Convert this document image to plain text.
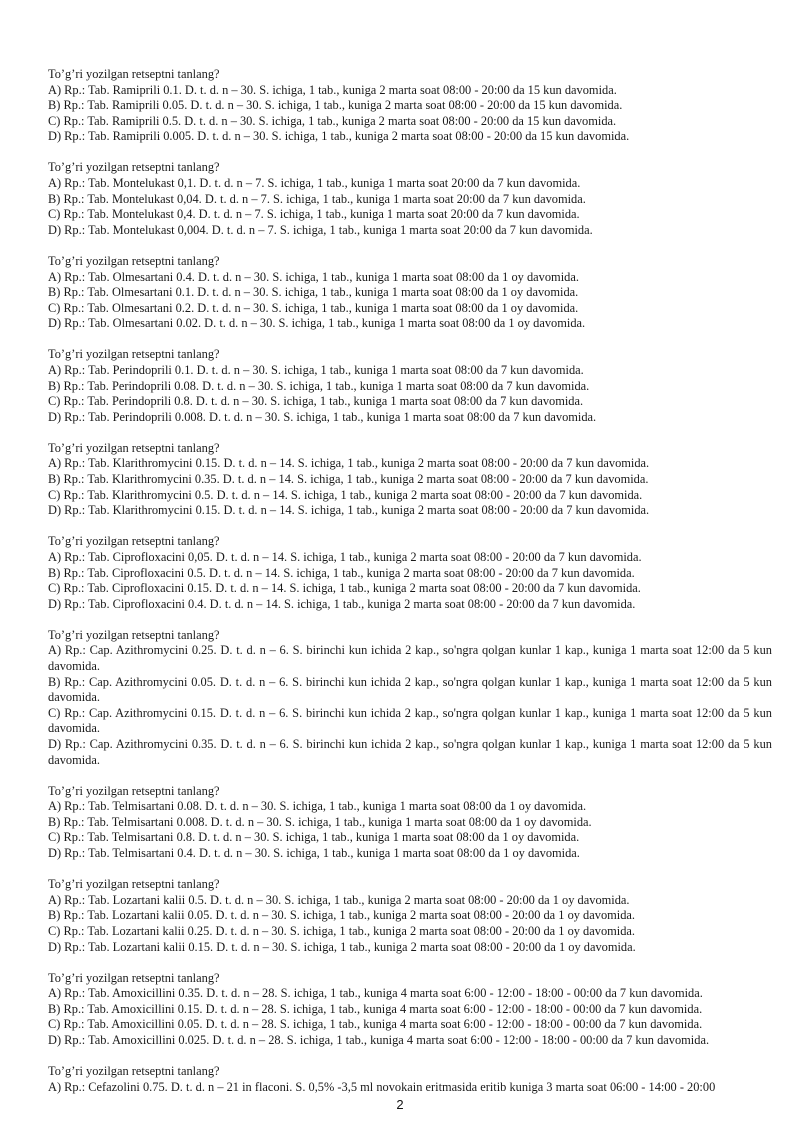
To’g’ri yozilgan retseptni tanlang?
A) Rp.: Tab. Ramiprili 0.1. D. t. d. n – 30. S. ichiga, 1 tab., kuniga 2 marta soat 08:00 - 20:00 da 15 kun davomida.
B) Rp.: Tab. Ramiprili 0.05. D. t. d. n – 30. S. ichiga, 1 tab., kuniga 2 marta soat 08:00 - 20:00 da 15 kun davomida.
C) Rp.: Tab. Ramiprili 0.5. D. t. d. n – 30. S. ichiga, 1 tab., kuniga 2 marta soat 08:00 - 20:00 da 15 kun davomida.
D) Rp.: Tab. Ramiprili 0.005. D. t. d. n – 30. S. ichiga, 1 tab., kuniga 2 marta soat 08:00 - 20:00 da 15 kun davomida.
To’g’ri yozilgan retseptni tanlang?
A) Rp.: Tab. Montelukast 0,1. D. t. d. n – 7. S. ichiga, 1 tab., kuniga 1 marta soat 20:00 da 7 kun davomida.
B) Rp.: Tab. Montelukast 0,04. D. t. d. n – 7. S. ichiga, 1 tab., kuniga 1 marta soat 20:00 da 7 kun davomida.
C) Rp.: Tab. Montelukast 0,4. D. t. d. n – 7. S. ichiga, 1 tab., kuniga 1 marta soat 20:00 da 7 kun davomida.
D) Rp.: Tab. Montelukast 0,004. D. t. d. n – 7. S. ichiga, 1 tab., kuniga 1 marta soat 20:00 da 7 kun davomida.
To’g’ri yozilgan retseptni tanlang?
A) Rp.: Tab. Olmesartani 0.4. D. t. d. n – 30. S. ichiga, 1 tab., kuniga 1 marta soat 08:00 da 1 oy davomida.
B) Rp.: Tab. Olmesartani 0.1. D. t. d. n – 30. S. ichiga, 1 tab., kuniga 1 marta soat 08:00 da 1 oy davomida.
C) Rp.: Tab. Olmesartani 0.2. D. t. d. n – 30. S. ichiga, 1 tab., kuniga 1 marta soat 08:00 da 1 oy davomida.
D) Rp.: Tab. Olmesartani 0.02. D. t. d. n – 30. S. ichiga, 1 tab., kuniga 1 marta soat 08:00 da 1 oy davomida.
To’g’ri yozilgan retseptni tanlang?
A) Rp.: Tab. Perindoprili 0.1. D. t. d. n – 30. S. ichiga, 1 tab., kuniga 1 marta soat 08:00 da 7 kun davomida.
B) Rp.: Tab. Perindoprili 0.08. D. t. d. n – 30. S. ichiga, 1 tab., kuniga 1 marta soat 08:00 da 7 kun davomida.
C) Rp.: Tab. Perindoprili 0.8. D. t. d. n – 30. S. ichiga, 1 tab., kuniga 1 marta soat 08:00 da 7 kun davomida.
D) Rp.: Tab. Perindoprili 0.008. D. t. d. n – 30. S. ichiga, 1 tab., kuniga 1 marta soat 08:00 da 7 kun davomida.
To’g’ri yozilgan retseptni tanlang?
A) Rp.: Tab. Klarithromycini 0.15. D. t. d. n – 14. S. ichiga, 1 tab., kuniga 2 marta soat 08:00 - 20:00 da 7 kun davomida.
B) Rp.: Tab. Klarithromycini 0.35. D. t. d. n – 14. S. ichiga, 1 tab., kuniga 2 marta soat 08:00 - 20:00 da 7 kun davomida.
C) Rp.: Tab. Klarithromycini 0.5. D. t. d. n – 14. S. ichiga, 1 tab., kuniga 2 marta soat 08:00 - 20:00 da 7 kun davomida.
D) Rp.: Tab. Klarithromycini 0.15. D. t. d. n – 14. S. ichiga, 1 tab., kuniga 2 marta soat 08:00 - 20:00 da 7 kun davomida.
To’g’ri yozilgan retseptni tanlang?
A) Rp.: Tab. Ciprofloxacini 0,05. D. t. d. n – 14. S. ichiga, 1 tab., kuniga 2 marta soat 08:00 - 20:00 da 7 kun davomida.
B) Rp.: Tab. Ciprofloxacini 0.5. D. t. d. n – 14. S. ichiga, 1 tab., kuniga 2 marta soat 08:00 - 20:00 da 7 kun davomida.
C) Rp.: Tab. Ciprofloxacini 0.15. D. t. d. n – 14. S. ichiga, 1 tab., kuniga 2 marta soat 08:00 - 20:00 da 7 kun davomida.
D) Rp.: Tab. Ciprofloxacini 0.4. D. t. d. n – 14. S. ichiga, 1 tab., kuniga 2 marta soat 08:00 - 20:00 da 7 kun davomida.
To’g’ri yozilgan retseptni tanlang?
A) Rp.: Cap. Azithromycini 0.25. D. t. d. n – 6. S. birinchi kun ichida 2 kap., so'ngra qolgan kunlar 1 kap., kuniga 1 marta soat 12:00 da 5 kun davomida.
B) Rp.: Cap. Azithromycini 0.05. D. t. d. n – 6. S. birinchi kun ichida 2 kap., so'ngra qolgan kunlar 1 kap., kuniga 1 marta soat 12:00 da 5 kun davomida.
C) Rp.: Cap. Azithromycini 0.15. D. t. d. n – 6. S. birinchi kun ichida 2 kap., so'ngra qolgan kunlar 1 kap., kuniga 1 marta soat 12:00 da 5 kun davomida.
D) Rp.: Cap. Azithromycini 0.35. D. t. d. n – 6. S. birinchi kun ichida 2 kap., so'ngra qolgan kunlar 1 kap., kuniga 1 marta soat 12:00 da 5 kun davomida.
To’g’ri yozilgan retseptni tanlang?
A) Rp.: Tab. Telmisartani 0.08. D. t. d. n – 30. S. ichiga, 1 tab., kuniga 1 marta soat 08:00 da 1 oy davomida.
B) Rp.: Tab. Telmisartani 0.008. D. t. d. n – 30. S. ichiga, 1 tab., kuniga 1 marta soat 08:00 da 1 oy davomida.
C) Rp.: Tab. Telmisartani 0.8. D. t. d. n – 30. S. ichiga, 1 tab., kuniga 1 marta soat 08:00 da 1 oy davomida.
D) Rp.: Tab. Telmisartani 0.4. D. t. d. n – 30. S. ichiga, 1 tab., kuniga 1 marta soat 08:00 da 1 oy davomida.
To’g’ri yozilgan retseptni tanlang?
A) Rp.: Tab. Lozartani kalii 0.5. D. t. d. n – 30. S. ichiga, 1 tab., kuniga 2 marta soat 08:00 - 20:00 da 1 oy davomida.
B) Rp.: Tab. Lozartani kalii 0.05. D. t. d. n – 30. S. ichiga, 1 tab., kuniga 2 marta soat 08:00 - 20:00 da 1 oy davomida.
C) Rp.: Tab. Lozartani kalii 0.25. D. t. d. n – 30. S. ichiga, 1 tab., kuniga 2 marta soat 08:00 - 20:00 da 1 oy davomida.
D) Rp.: Tab. Lozartani kalii 0.15. D. t. d. n – 30. S. ichiga, 1 tab., kuniga 2 marta soat 08:00 - 20:00 da 1 oy davomida.
To’g’ri yozilgan retseptni tanlang?
A) Rp.: Tab. Amoxicillini 0.35. D. t. d. n – 28. S. ichiga, 1 tab., kuniga 4 marta soat 6:00 - 12:00 - 18:00 - 00:00 da 7 kun davomida.
B) Rp.: Tab. Amoxicillini 0.15. D. t. d. n – 28. S. ichiga, 1 tab., kuniga 4 marta soat 6:00 - 12:00 - 18:00 - 00:00 da 7 kun davomida.
C) Rp.: Tab. Amoxicillini 0.05. D. t. d. n – 28. S. ichiga, 1 tab., kuniga 4 marta soat 6:00 - 12:00 - 18:00 - 00:00 da 7 kun davomida.
D) Rp.: Tab. Amoxicillini 0.025. D. t. d. n – 28. S. ichiga, 1 tab., kuniga 4 marta soat 6:00 - 12:00 - 18:00 - 00:00 da 7 kun davomida.
To’g’ri yozilgan retseptni tanlang?
A) Rp.: Cefazolini 0.75. D. t. d. n – 21 in flaconi. S. 0,5% -3,5 ml novokain eritmasida eritib kuniga 3 marta soat 06:00 - 14:00 - 20:00
2
